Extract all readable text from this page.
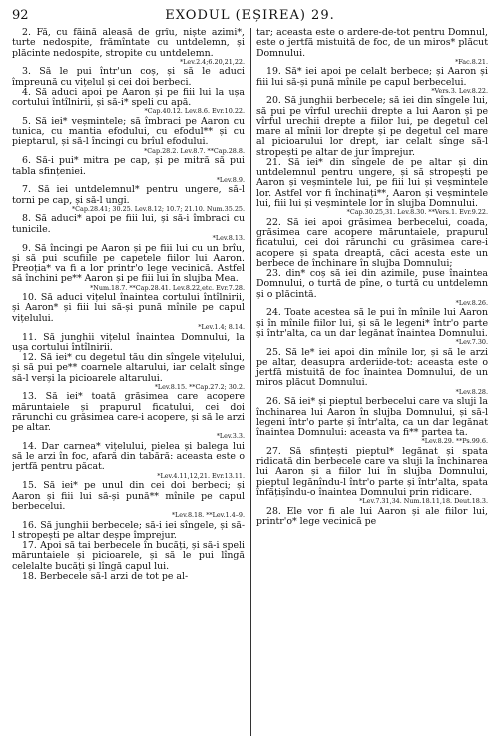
92	EXODUL (EȘIREA) 29.

2. Fă, cu făină aleasă de grîu, niște azimi*, turte nedospite, frămîntate cu untdelemn, și plăcinte nedospite, stropite cu untdelemn.

*Lev.2.4;6.20,21,22.

3. Să le pui într'un coș, și să le aduci împreună cu vițelul și cei doi berbeci.

4. Să aduci apoi pe Aaron și pe fiii lui la ușa cortului întîlnirii, și să-i* speli cu apă.

*Cap.40.12. Lev.8.6. Evr.10.22.

5. Să iei* veșmintele; să îmbraci pe Aaron cu tunica, cu mantia efodului, cu efodul** și cu pieptarul, și să-l încingi cu brîul efodului.

*Cap.28.2. Lev.8.7. **Cap.28.8.

6. Să-i pui* mitra pe cap, și pe mitră să pui tabla sfințeniei.

*Lev.8.9.

7. Să iei untdelemnul* pentru ungere, să-l torni pe cap, și să-l ungi.

*Cap.28.41; 30.25. Lev.8.12; 10.7; 21.10. Num.35.25.

8. Să aduci* apoi pe fiii lui, și să-i îmbraci cu tunicile.

*Lev.8.13.

9. Să încingi pe Aaron și pe fiii lui cu un brîu, și să pui scufiile pe capetele fiilor lui Aaron. Preoția* va fi a lor printr'o lege vecinică. Astfel să închini pe** Aaron și pe fiii lui în slujba Mea.

*Num.18.7. **Cap.28.41. Lev.8.22,etc. Evr.7.28.

10. Să aduci vițelul înaintea cortului întîlnirii, și Aaron* și fiii lui să-și pună mînile pe capul vițelului.

*Lev.1.4; 8.14.

11. Să junghii vițelul înaintea Domnului, la ușa cortului întîlnirii.

12. Să iei* cu degetul tău din sîngele vițelului, și să pui pe** coarnele altarului, iar celalt sînge să-l verși la picioarele altarului.

*Lev.8.15. **Cap.27.2; 30.2.

13. Să iei* toată grăsimea care acopere măruntaiele și prapurul ficatului, cei doi rărunchi cu grăsimea care-i acopere, și să le arzi pe altar.

*Lev.3.3.

14. Dar carnea* vițelului, pielea și balega lui să le arzi în foc, afară din tabără: aceasta este o jertfă pentru păcat.

*Lev.4.11,12,21. Evr.13.11.

15. Să iei* pe unul din cei doi berbeci; și Aaron și fiii lui să-și pună** mînile pe capul berbecelui.

*Lev.8.18. **Lev.1.4–9.

16. Să junghii berbecele; să-i iei sîngele, și să-l stropești pe altar deșpe împrejur.

17. Apoi să tai berbecele în bucăți, și să-i speli măruntaiele și picioarele, și să le pui lîngă celelalte bucăți și lîngă capul lui.

18. Berbecele să-l arzi de tot pe al-

tar; aceasta este o ardere-de-tot pentru Domnul, este o jertfă mistuită de foc, de un miros* plăcut Domnului.

*Fac.8.21.

19. Să* iei apoi pe celalt berbece; și Aaron și fiii lui să-și pună mînile pe capul berbecelui.

*Vers.3. Lev.8.22.

20. Să junghii berbecele; să iei din sîngele lui, să pui pe vîrful urechii drepte a lui Aaron și pe vîrful urechii drepte a fiilor lui, pe degetul cel mare al mînii lor drepte și pe degetul cel mare al picioarului lor drept, iar celalt sînge să-l stropești pe altar de jur împrejur.

21. Să iei* din sîngele de pe altar și din untdelemnul pentru ungere, și să stropești pe Aaron și veșmintele lui, pe fiii lui și veșmintele lor. Astfel vor fi închinați**, Aaron și veșmintele lui, fiii lui și veșmintele lor în slujba Domnului.

*Cap.30.25,31. Lev.8.30. **Vers.1. Evr.9.22.

22. Să iei apoi grăsimea berbecelui, coada, grăsimea care acopere măruntaiele, prapurul ficatului, cei doi rărunchi cu grăsimea care-i acopere și spata dreaptă, căci acesta este un berbece de închinare în slujba Domnului;

23. din* coș să iei din azimile, puse înaintea Domnului, o turtă de pîne, o turtă cu untdelemn și o plăcintă.

*Lev.8.26.

24. Toate acestea să le pui în mînile lui Aaron și în mînile fiilor lui, și să le legeni* într'o parte și într'alta, ca un dar legănat înaintea Domnului.

*Lev.7.30.

25. Să le* iei apoi din mînile lor, și să le arzi pe altar, deasupra arderiide-tot: aceasta este o jertfă mistuită de foc înaintea Domnului, de un miros plăcut Domnului.

*Lev.8.28.

26. Să iei* și pieptul berbecelui care va sluji la închinarea lui Aaron în slujba Domnului, și să-l legeni într'o parte și într'alta, ca un dar legănat înaintea Domnului: aceasta va fi** partea ta.

*Lev.8.29. **Ps.99.6.

27. Să sfințești pieptul* legănat și spata ridicată din berbecele care va sluji la închinarea lui Aaron și a fiilor lui în slujba Domnului, pieptul legănîndu-l într'o parte și într'alta, spata înfățișîndu-o înaintea Domnului prin ridicare.

*Lev.7.31,34. Num.18.11,18. Deut.18.3.

28. Ele vor fi ale lui Aaron și ale fiilor lui, printr'o* lege vecinică pe
